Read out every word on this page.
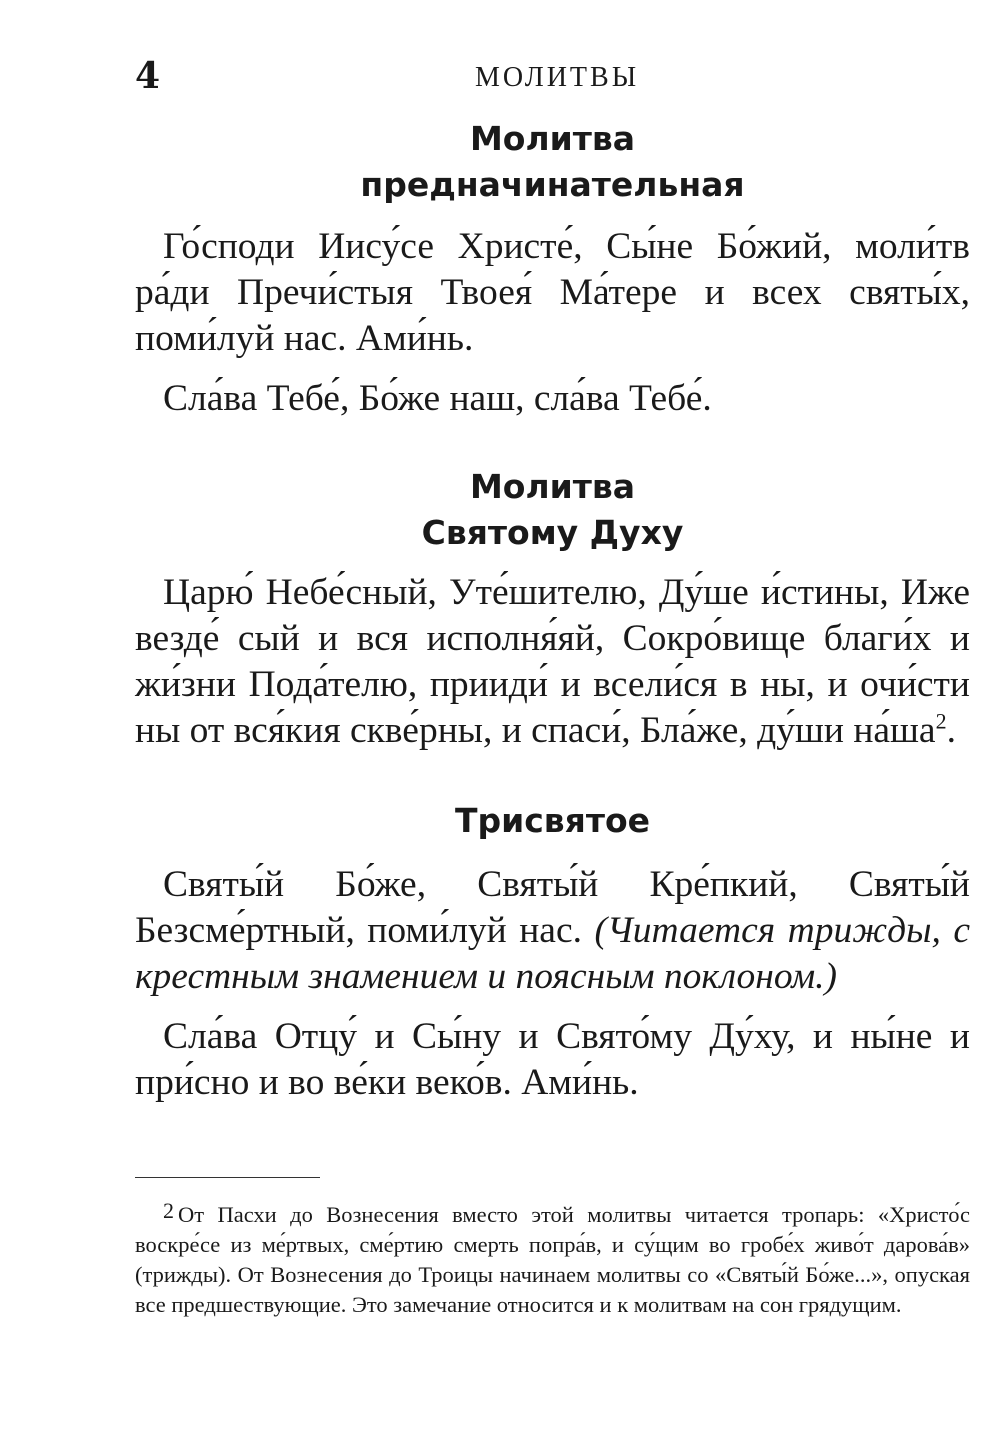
4	МОЛИТВЫ
Молитва
предначинательная

Го́споди Иису́се Христе́, Сы́не Бо́жий, моли́тв ра́ди Пречи́стыя Твоея́ Ма́тере и всех святы́х, поми́луй нас. Ами́нь.

Сла́ва Тебе́, Бо́же наш, сла́ва Тебе́.

Молитва
Святому Духу

Царю́ Небе́сный, Уте́шителю, Ду́ше и́стины, Иже везде́ сый и вся исполня́яй, Сокро́вище благи́х и жи́зни Пода́телю, прииди́ и всели́ся в ны, и очи́сти ны от вся́кия скве́рны, и спаси́, Бла́же, ду́ши $на́ша^2$.

Трисвятое

Святы́й Бо́же, Святы́й Кре́пкий, Святы́й Безсме́ртный, поми́луй нас. (Читается трижды, с крестным знамением и поясным поклоном.)

Сла́ва Отцу́ и Сы́ну и Свято́му Ду́ху, и ны́не и при́сно и во ве́ки веко́в. Ами́нь.

2 От Пасхи до Вознесения вместо этой молитвы читается тропарь: «Христо́с воскре́се из ме́ртвых, сме́ртию смерть попра́в, и су́щим во гробе́х живо́т дарова́в» (трижды). От Вознесения до Троицы начинаем молитвы со «Святы́й Бо́же...», опуская все предшествующие. Это замечание относится и к молитвам на сон грядущим.
